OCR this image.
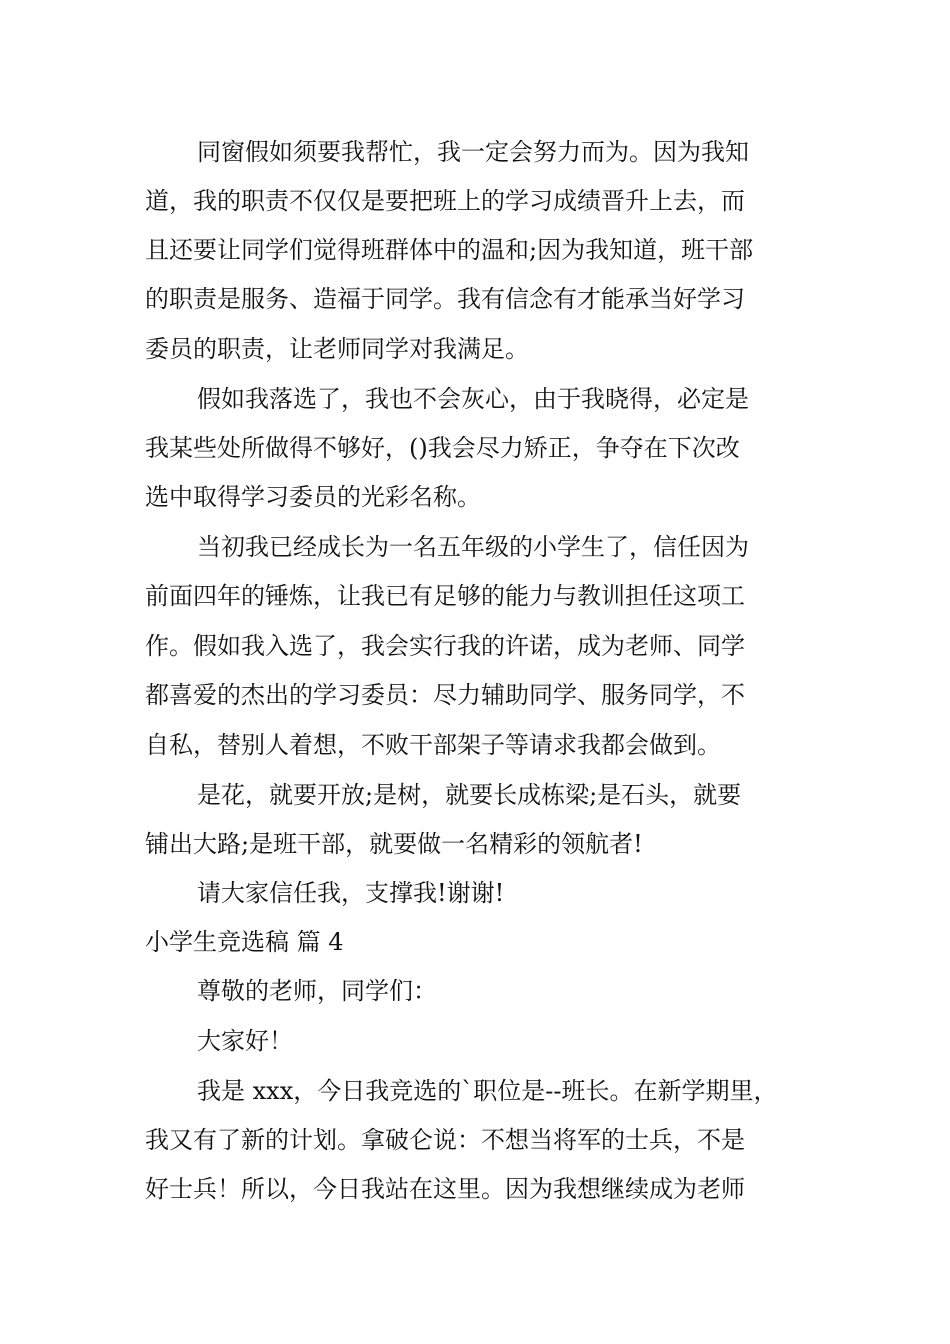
同窗假如须要我帮忙，我一定会努力而为。因为我知
道，我的职责不仅仅是要把班上的学习成绩晋升上去，而
且还要让同学们觉得班群体中的温和;因为我知道，班干部
的职责是服务、造福于同学。我有信念有才能承当好学习
委员的职责，让老师同学对我满足。
假如我落选了，我也不会灰心，由于我晓得，必定是
我某些处所做得不够好，()我会尽力矫正，争夺在下次改
选中取得学习委员的光彩名称。
当初我已经成长为一名五年级的小学生了，信任因为
前面四年的锤炼，让我已有足够的能力与教训担任这项工
作。假如我入选了，我会实行我的许诺，成为老师、同学
都喜爱的杰出的学习委员：尽力辅助同学、服务同学，不
自私，替别人着想，不败干部架子等请求我都会做到。
是花，就要开放;是树，就要长成栋梁;是石头，就要
铺出大路;是班干部，就要做一名精彩的领航者!
请大家信任我，支撑我!谢谢!
小学生竞选稿 篇 4
尊敬的老师，同学们：
大家好！
我是 xxx，今日我竞选的`职位是--班长。在新学期里，
我又有了新的计划。拿破仑说：不想当将军的士兵，不是
好士兵！所以，今日我站在这里。因为我想继续成为老师
